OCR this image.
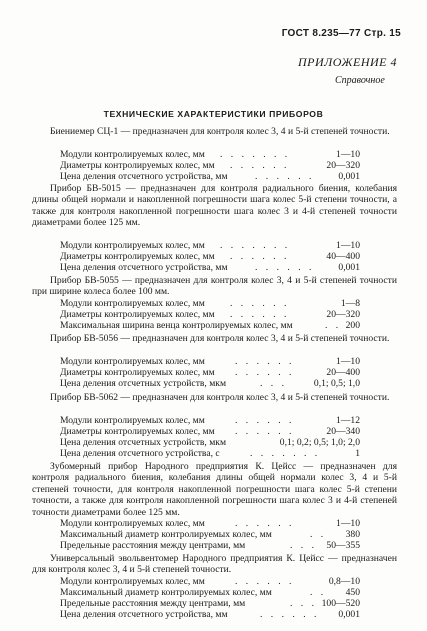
ГОСТ 8.235—77 Стр. 15
ПРИЛОЖЕНИЕ 4
Справочное
ТЕХНИЧЕСКИЕ ХАРАКТЕРИСТИКИ ПРИБОРОВ
Биениемер СЦ-1 — предназначен для контроля колес 3, 4 и 5-й степеней точности.
Модули контролируемых колес, мм . . . . . . .	1—10
Диаметры контролируемых колес, мм . . . . . .	20—320
Цена деления отсчетного устройства, мм	. . . . . .	0,001
Прибор БВ-5015 — предназначен для контроля радиального биения, колебания длины общей нормали и накопленной погрешности шага колес 5-й степени точности, а также для контроля накопленной погрешности шага колес 3 и 4-й степеней точности диаметрами более 125 мм.
Модули контролируемых колес, мм . . . . . . .	1—10
Диаметры контролируемых колес, мм . . . . . .	40—400
Цена деления отсчетного устройства, мм	. . . . . .	0,001
Прибор БВ-5055 — предназначен для контроля колес 3, 4 и 5-й степеней точности при ширине колеса более 100 мм.
Модули контролируемых колес, мм	. . . . . .	1—8
Диаметры контролируемых колес, мм . . . . . .	20—320
Максимальная ширина венца контролируемых колес, мм	. . 200
Прибор БВ-5056 — предназначен для контроля колес 3, 4 и 5-й степеней точности.
Модули контролируемых колес, мм	. . . . . .	1—10
Диаметры контролируемых колес, мм . . . . . .	20—400
Цена деления отсчетных устройств, мкм	. . .	0,1; 0,5; 1,0
Прибор БВ-5062 — предназначен для контроля колес 3, 4 и 5-й степеней точности.
Модули контролируемых колес, мм	. . . . . .	1—12
Диаметры контролируемых колес, мм . . . . . .	20—340
Цена деления отсчетных устройств, мкм	0,1; 0,2; 0,5; 1,0; 2,0
Цена деления отсчетного устройства, с	. . . . . . .	1
Зубомерный прибор Народного предприятия К. Цейсс — предназначен для контроля радиального биения, колебания длины общей нормали колес 3, 4 и 5-й степеней точности, для контроля накопленной погрешности шага колес 5-й степени точности, а также для контроля накопленной погрешности шага колес 3 и 4-й степеней точности диаметрами более 125 мм.
Модули контролируемых колес, мм	. . . . . .	1—10
Максимальный диаметр контролируемых колес, мм	. . 380
Предельные расстояния между центрами, мм	. . . 50—355
Универсальный эвольвентомер Народного предприятия К. Цейсс — предназначен для контроля колес 3, 4 и 5-й степеней точности.
Модули контролируемых колес, мм	. . . . . .	0,8—10
Максимальный диаметр контролируемых колес, мм	. . 450
Предельные расстояния между центрами, мм	. . . 100—520
Цена деления отсчетного устройства, мм	. . . . . . 0,001
